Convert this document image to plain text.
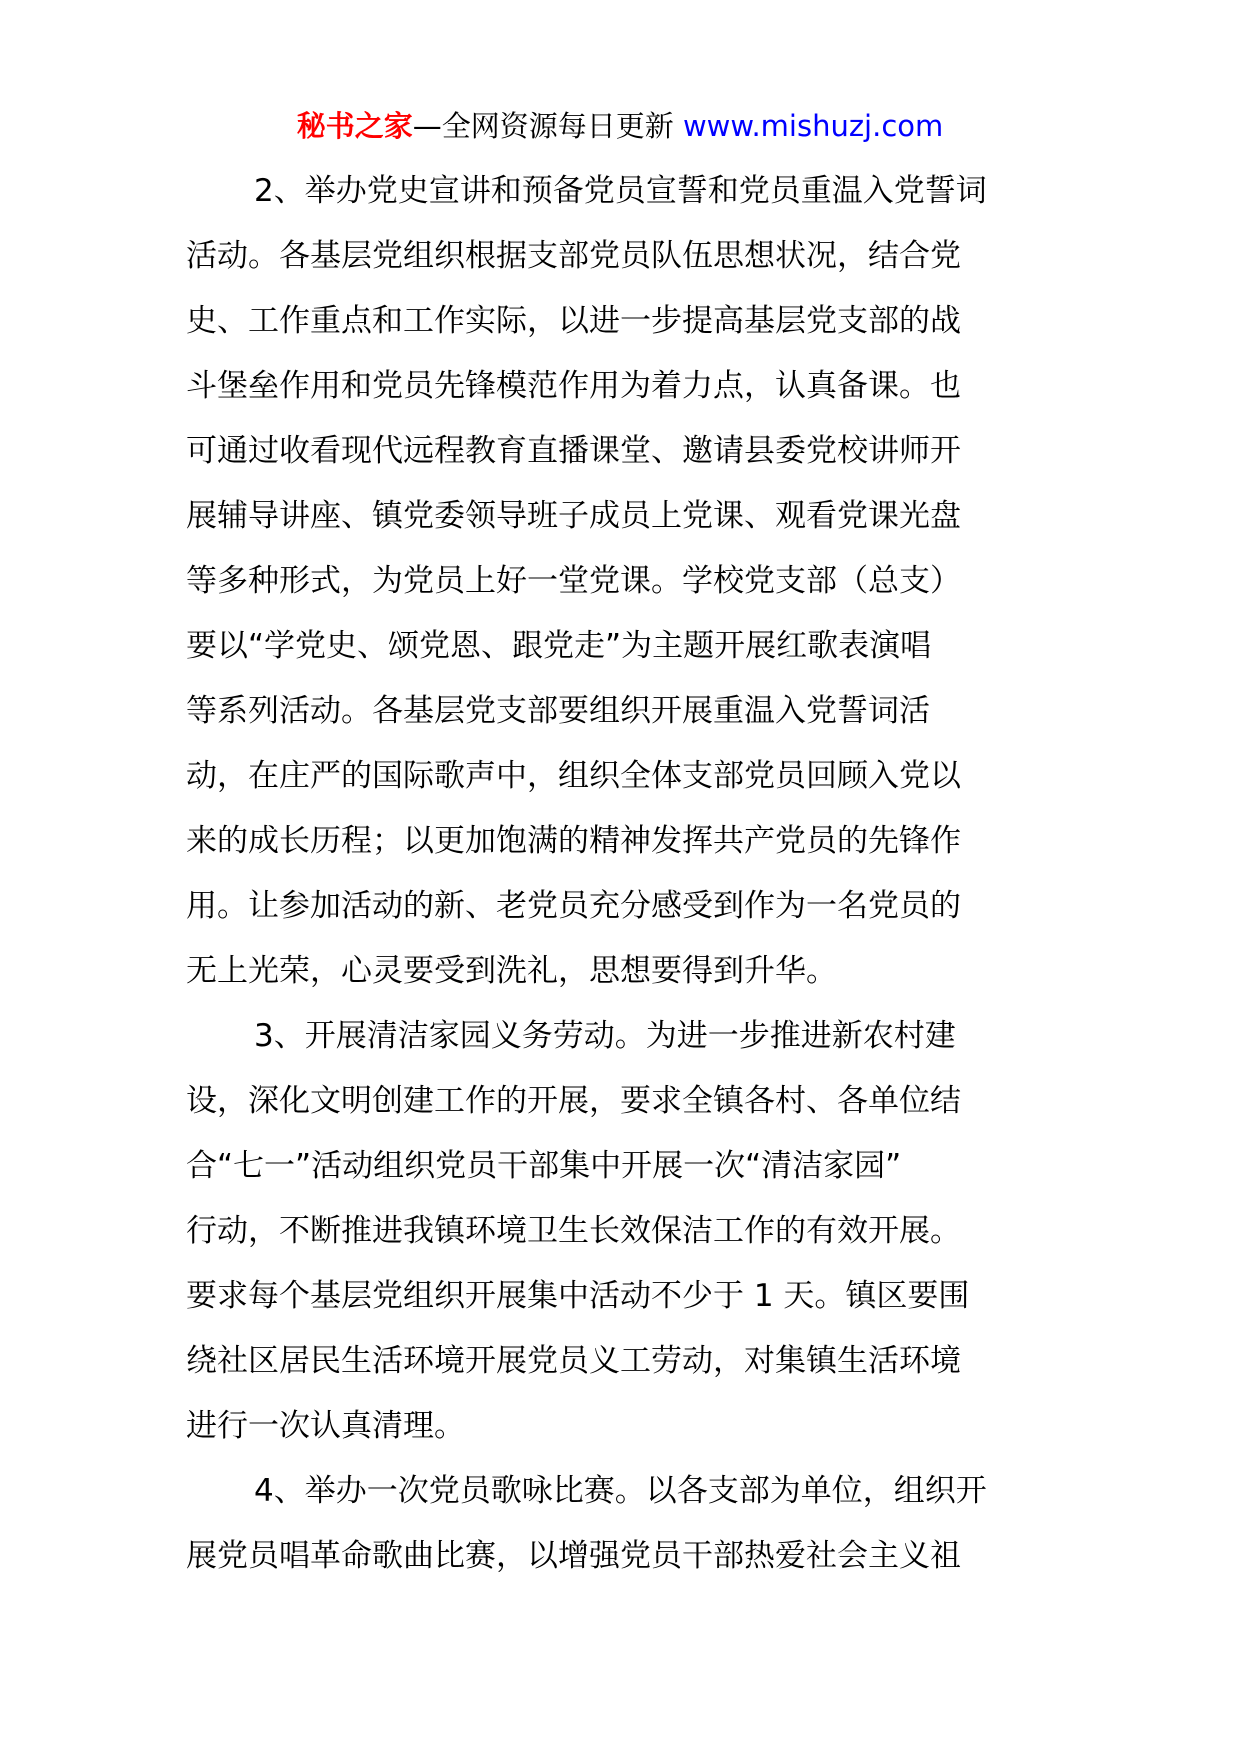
秘书之家—全网资源每日更新 www.mishuzj.com
2、举办党史宣讲和预备党员宣誓和党员重温入党誓词
活动。各基层党组织根据支部党员队伍思想状况，结合党
史、工作重点和工作实际，以进一步提高基层党支部的战
斗堡垒作用和党员先锋模范作用为着力点，认真备课。也
可通过收看现代远程教育直播课堂、邀请县委党校讲师开
展辅导讲座、镇党委领导班子成员上党课、观看党课光盘
等多种形式，为党员上好一堂党课。学校党支部（总支）
要以“学党史、颂党恩、跟党走”为主题开展红歌表演唱
等系列活动。各基层党支部要组织开展重温入党誓词活
动，在庄严的国际歌声中，组织全体支部党员回顾入党以
来的成长历程；以更加饱满的精神发挥共产党员的先锋作
用。让参加活动的新、老党员充分感受到作为一名党员的
无上光荣，心灵要受到洗礼，思想要得到升华。
3、开展清洁家园义务劳动。为进一步推进新农村建
设，深化文明创建工作的开展，要求全镇各村、各单位结
合“七一”活动组织党员干部集中开展一次“清洁家园”
行动，不断推进我镇环境卫生长效保洁工作的有效开展。
要求每个基层党组织开展集中活动不少于 1 天。镇区要围
绕社区居民生活环境开展党员义工劳动，对集镇生活环境
进行一次认真清理。
4、举办一次党员歌咏比赛。以各支部为单位，组织开
展党员唱革命歌曲比赛，以增强党员干部热爱社会主义祖
